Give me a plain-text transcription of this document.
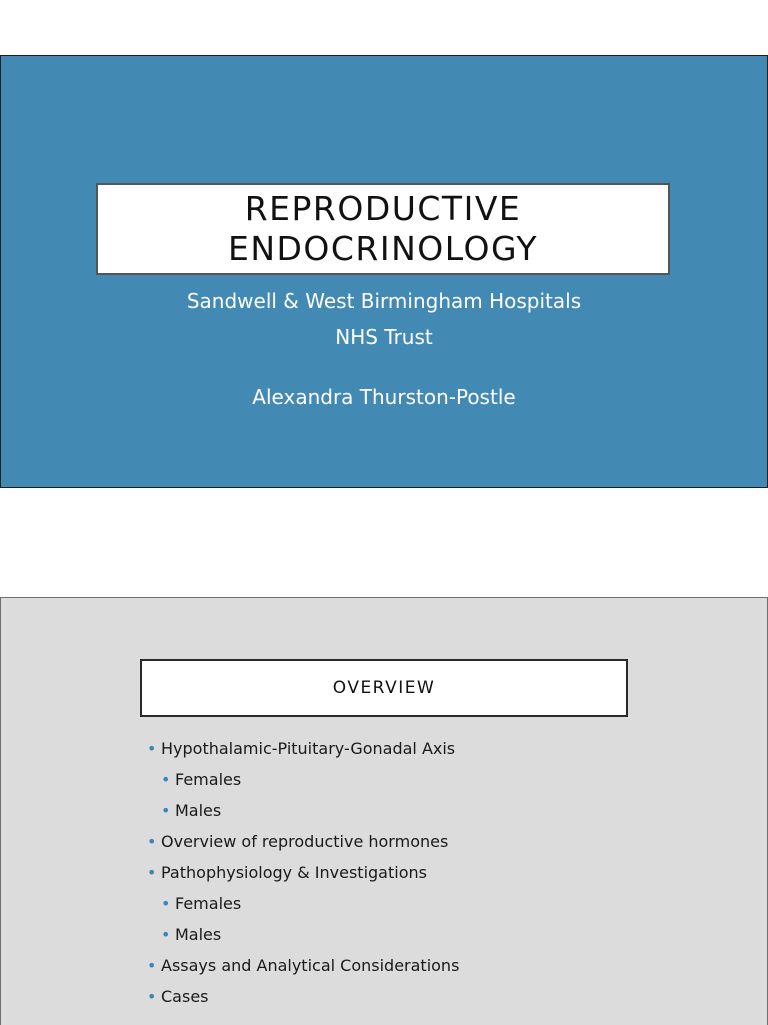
REPRODUCTIVE
ENDOCRINOLOGY
Sandwell & West Birmingham Hospitals
NHS Trust
Alexandra Thurston-Postle
OVERVIEW
• Hypothalamic-Pituitary-Gonadal Axis
• Females
• Males
• Overview of reproductive hormones
• Pathophysiology & Investigations
• Females
• Males
• Assays and Analytical Considerations
• Cases
